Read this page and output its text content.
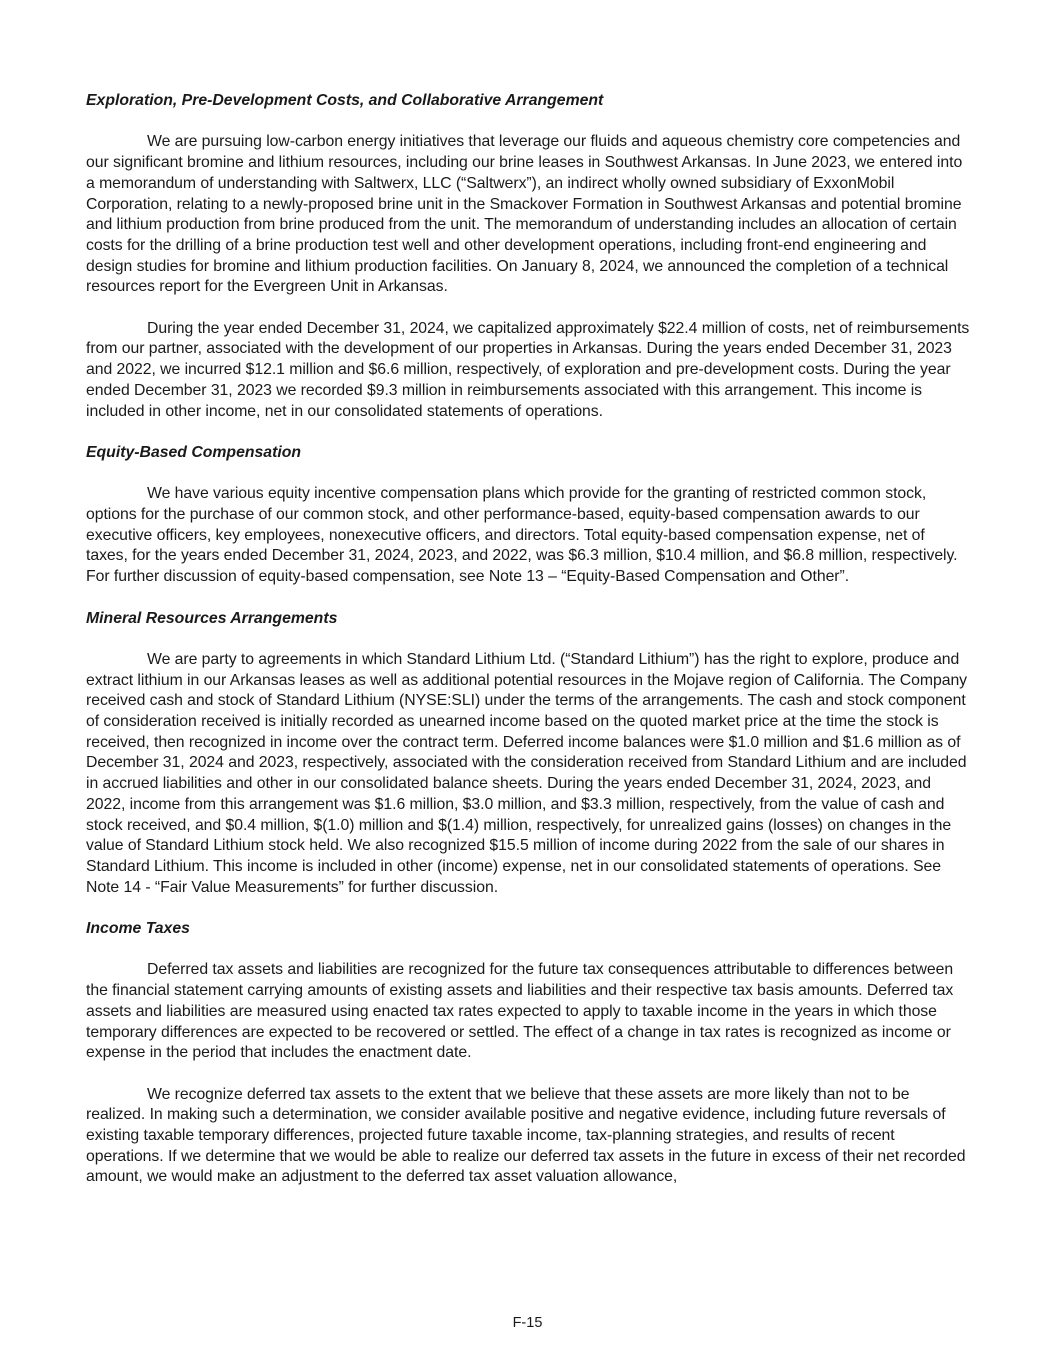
Exploration, Pre-Development Costs, and Collaborative Arrangement

We are pursuing low-carbon energy initiatives that leverage our fluids and aqueous chemistry core competencies and our significant bromine and lithium resources, including our brine leases in Southwest Arkansas. In June 2023, we entered into a memorandum of understanding with Saltwerx, LLC (“Saltwerx”), an indirect wholly owned subsidiary of ExxonMobil Corporation, relating to a newly-proposed brine unit in the Smackover Formation in Southwest Arkansas and potential bromine and lithium production from brine produced from the unit. The memorandum of understanding includes an allocation of certain costs for the drilling of a brine production test well and other development operations, including front-end engineering and design studies for bromine and lithium production facilities. On January 8, 2024, we announced the completion of a technical resources report for the Evergreen Unit in Arkansas.

During the year ended December 31, 2024, we capitalized approximately $22.4 million of costs, net of reimbursements from our partner, associated with the development of our properties in Arkansas. During the years ended December 31, 2023 and 2022, we incurred $12.1 million and $6.6 million, respectively, of exploration and pre-development costs. During the year ended December 31, 2023 we recorded $9.3 million in reimbursements associated with this arrangement. This income is included in other income, net in our consolidated statements of operations.

Equity-Based Compensation

We have various equity incentive compensation plans which provide for the granting of restricted common stock, options for the purchase of our common stock, and other performance-based, equity-based compensation awards to our executive officers, key employees, nonexecutive officers, and directors. Total equity-based compensation expense, net of taxes, for the years ended December 31, 2024, 2023, and 2022, was $6.3 million, $10.4 million, and $6.8 million, respectively. For further discussion of equity-based compensation, see Note 13 – “Equity-Based Compensation and Other”.

Mineral Resources Arrangements

We are party to agreements in which Standard Lithium Ltd. (“Standard Lithium”) has the right to explore, produce and extract lithium in our Arkansas leases as well as additional potential resources in the Mojave region of California. The Company received cash and stock of Standard Lithium (NYSE:SLI) under the terms of the arrangements. The cash and stock component of consideration received is initially recorded as unearned income based on the quoted market price at the time the stock is received, then recognized in income over the contract term. Deferred income balances were $1.0 million and $1.6 million as of December 31, 2024 and 2023, respectively, associated with the consideration received from Standard Lithium and are included in accrued liabilities and other in our consolidated balance sheets. During the years ended December 31, 2024, 2023, and 2022, income from this arrangement was $1.6 million, $3.0 million, and $3.3 million, respectively, from the value of cash and stock received, and $0.4 million, $(1.0) million and $(1.4) million, respectively, for unrealized gains (losses) on changes in the value of Standard Lithium stock held. We also recognized $15.5 million of income during 2022 from the sale of our shares in Standard Lithium. This income is included in other (income) expense, net in our consolidated statements of operations. See Note 14 - “Fair Value Measurements” for further discussion.

Income Taxes

Deferred tax assets and liabilities are recognized for the future tax consequences attributable to differences between the financial statement carrying amounts of existing assets and liabilities and their respective tax basis amounts. Deferred tax assets and liabilities are measured using enacted tax rates expected to apply to taxable income in the years in which those temporary differences are expected to be recovered or settled. The effect of a change in tax rates is recognized as income or expense in the period that includes the enactment date.

We recognize deferred tax assets to the extent that we believe that these assets are more likely than not to be realized. In making such a determination, we consider available positive and negative evidence, including future reversals of existing taxable temporary differences, projected future taxable income, tax-planning strategies, and results of recent operations. If we determine that we would be able to realize our deferred tax assets in the future in excess of their net recorded amount, we would make an adjustment to the deferred tax asset valuation allowance,

F-15
